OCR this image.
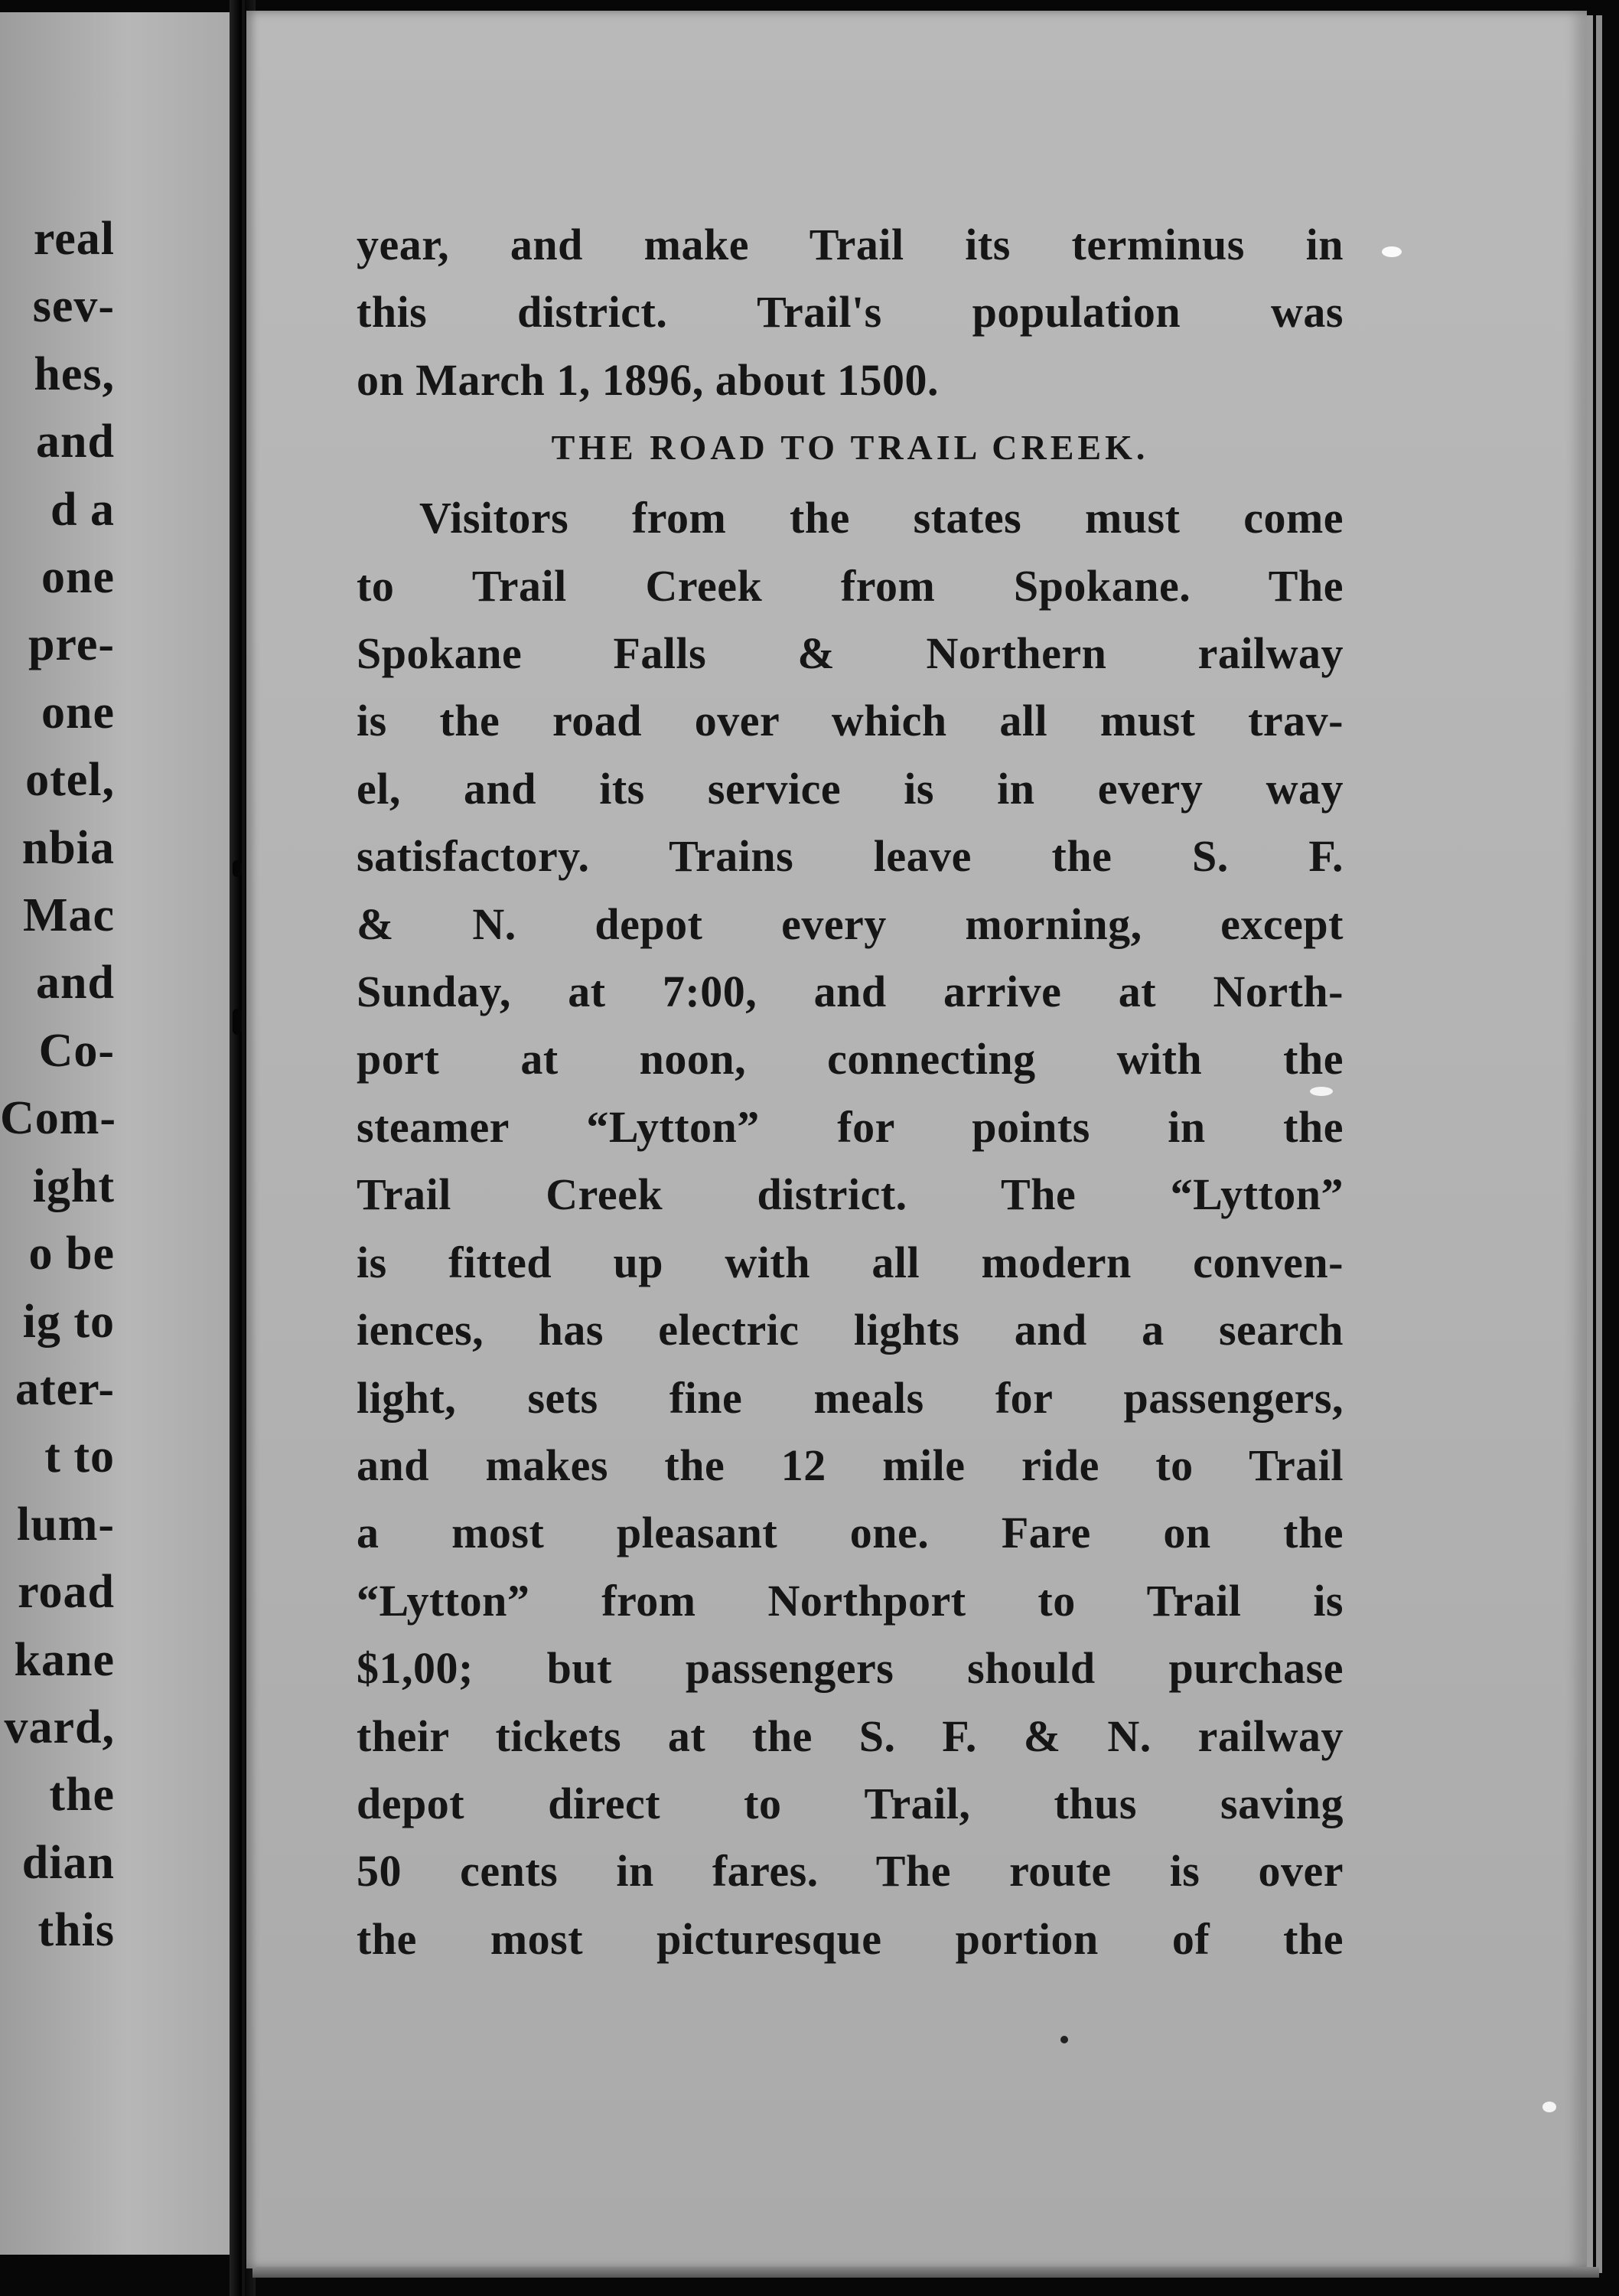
real
sev-
hes,
and
d a
one
pre-
one
otel,
nbia
Mac
and
Co-
Com-
ight
o be
ig to
ater-
t to
lum-
road
kane
vard,
the
dian
this
year, and make Trail its terminus in
this district. Trail's population was
on March 1, 1896, about 1500.
THE ROAD TO TRAIL CREEK.
Visitors from the states must come
to Trail Creek from Spokane. The
Spokane Falls & Northern railway
is the road over which all must trav-
el, and its service is in every way
satisfactory. Trains leave the S. F.
& N. depot every morning, except
Sunday, at 7:00, and arrive at North-
port at noon, connecting with the
steamer “Lytton” for points in the
Trail Creek district. The “Lytton”
is fitted up with all modern conven-
iences, has electric lights and a search
light, sets fine meals for passengers,
and makes the 12 mile ride to Trail
a most pleasant one. Fare on the
“Lytton” from Northport to Trail is
$1,00; but passengers should purchase
their tickets at the S. F. & N. railway
depot direct to Trail, thus saving
50 cents in fares. The route is over
the most picturesque portion of the
